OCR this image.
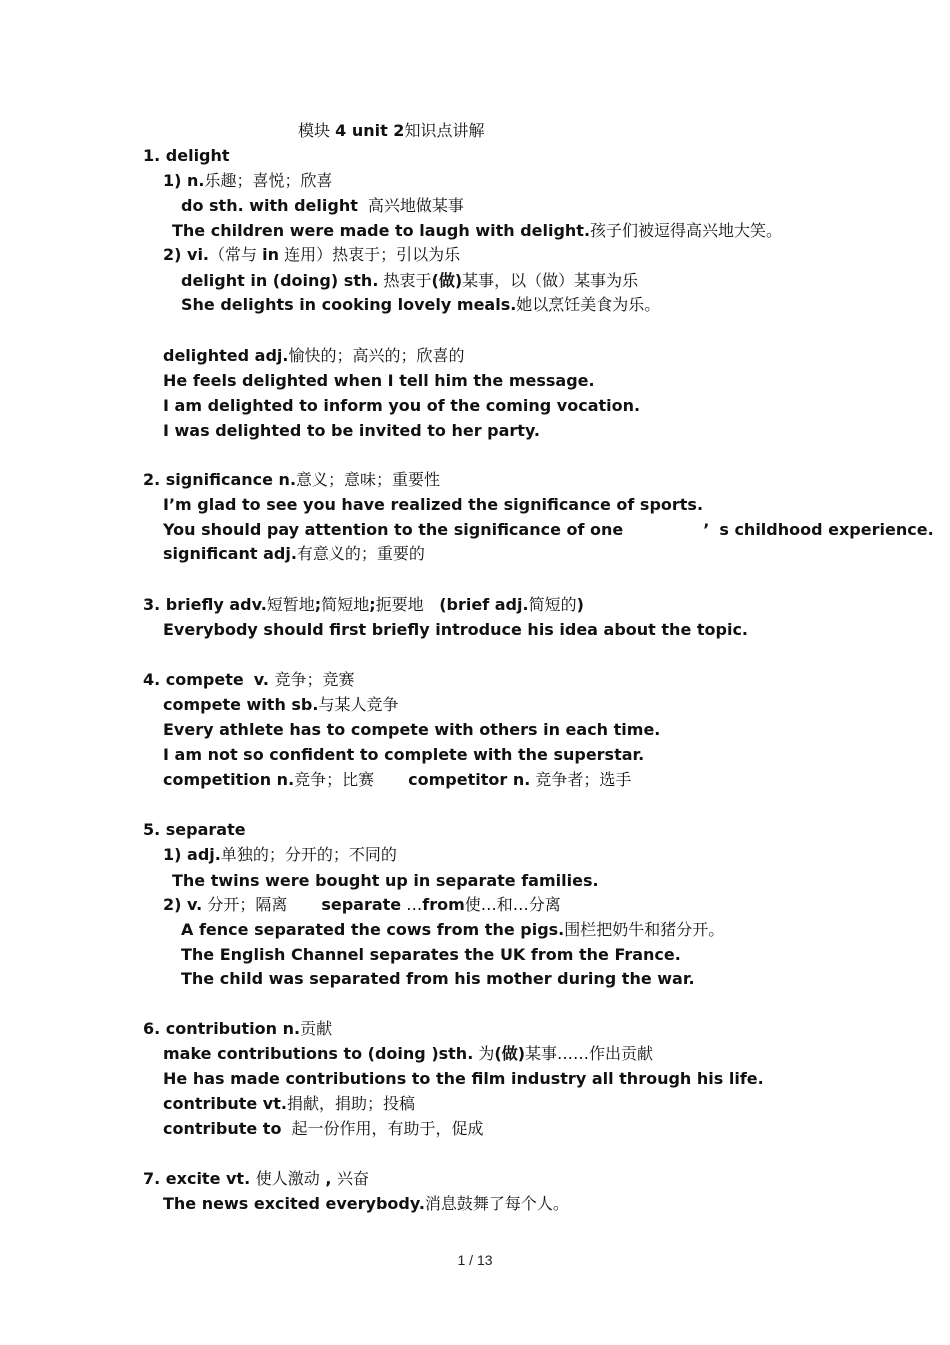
模块 4 unit 2知识点讲解
1. delight
1) n.乐趣；喜悦；欣喜
do sth. with delight 高兴地做某事
The children were made to laugh with delight.孩子们被逗得高兴地大笑。
2) vi.（常与 in 连用）热衷于；引以为乐
delight in (doing) sth. 热衷于(做)某事，以（做）某事为乐
She delights in cooking lovely meals.她以烹饪美食为乐。
delighted adj.愉快的；高兴的；欣喜的
He feels delighted when I tell him the message.
I am delighted to inform you of the coming vocation.
I was delighted to be invited to her party.
2. significance n.意义；意味；重要性
I’m glad to see you have realized the significance of sports.
You should pay attention to the significance of one	’ s childhood experience.
significant adj.有意义的；重要的
3. briefly adv.短暂地;简短地;扼要地 (brief adj.简短的)
Everybody should first briefly introduce his idea about the topic.
4. compete v. 竞争；竞赛
compete with sb.与某人竞争
Every athlete has to compete with others in each time.
I am not so confident to complete with the superstar.
competition n.竞争；比赛 competitor n. 竞争者；选手
5. separate
1) adj.单独的；分开的；不同的
The twins were bought up in separate families.
2) v. 分开；隔离 separate …from使…和…分离
A fence separated the cows from the pigs.围栏把奶牛和猪分开。
The English Channel separates the UK from the France.
The child was separated from his mother during the war.
6. contribution n.贡献
make contributions to (doing )sth. 为(做)某事……作出贡献
He has made contributions to the film industry all through his life.
contribute vt.捐献，捐助；投稿
contribute to 起一份作用，有助于，促成
7. excite vt. 使人激动 , 兴奋
The news excited everybody.消息鼓舞了每个人。
1 / 13
